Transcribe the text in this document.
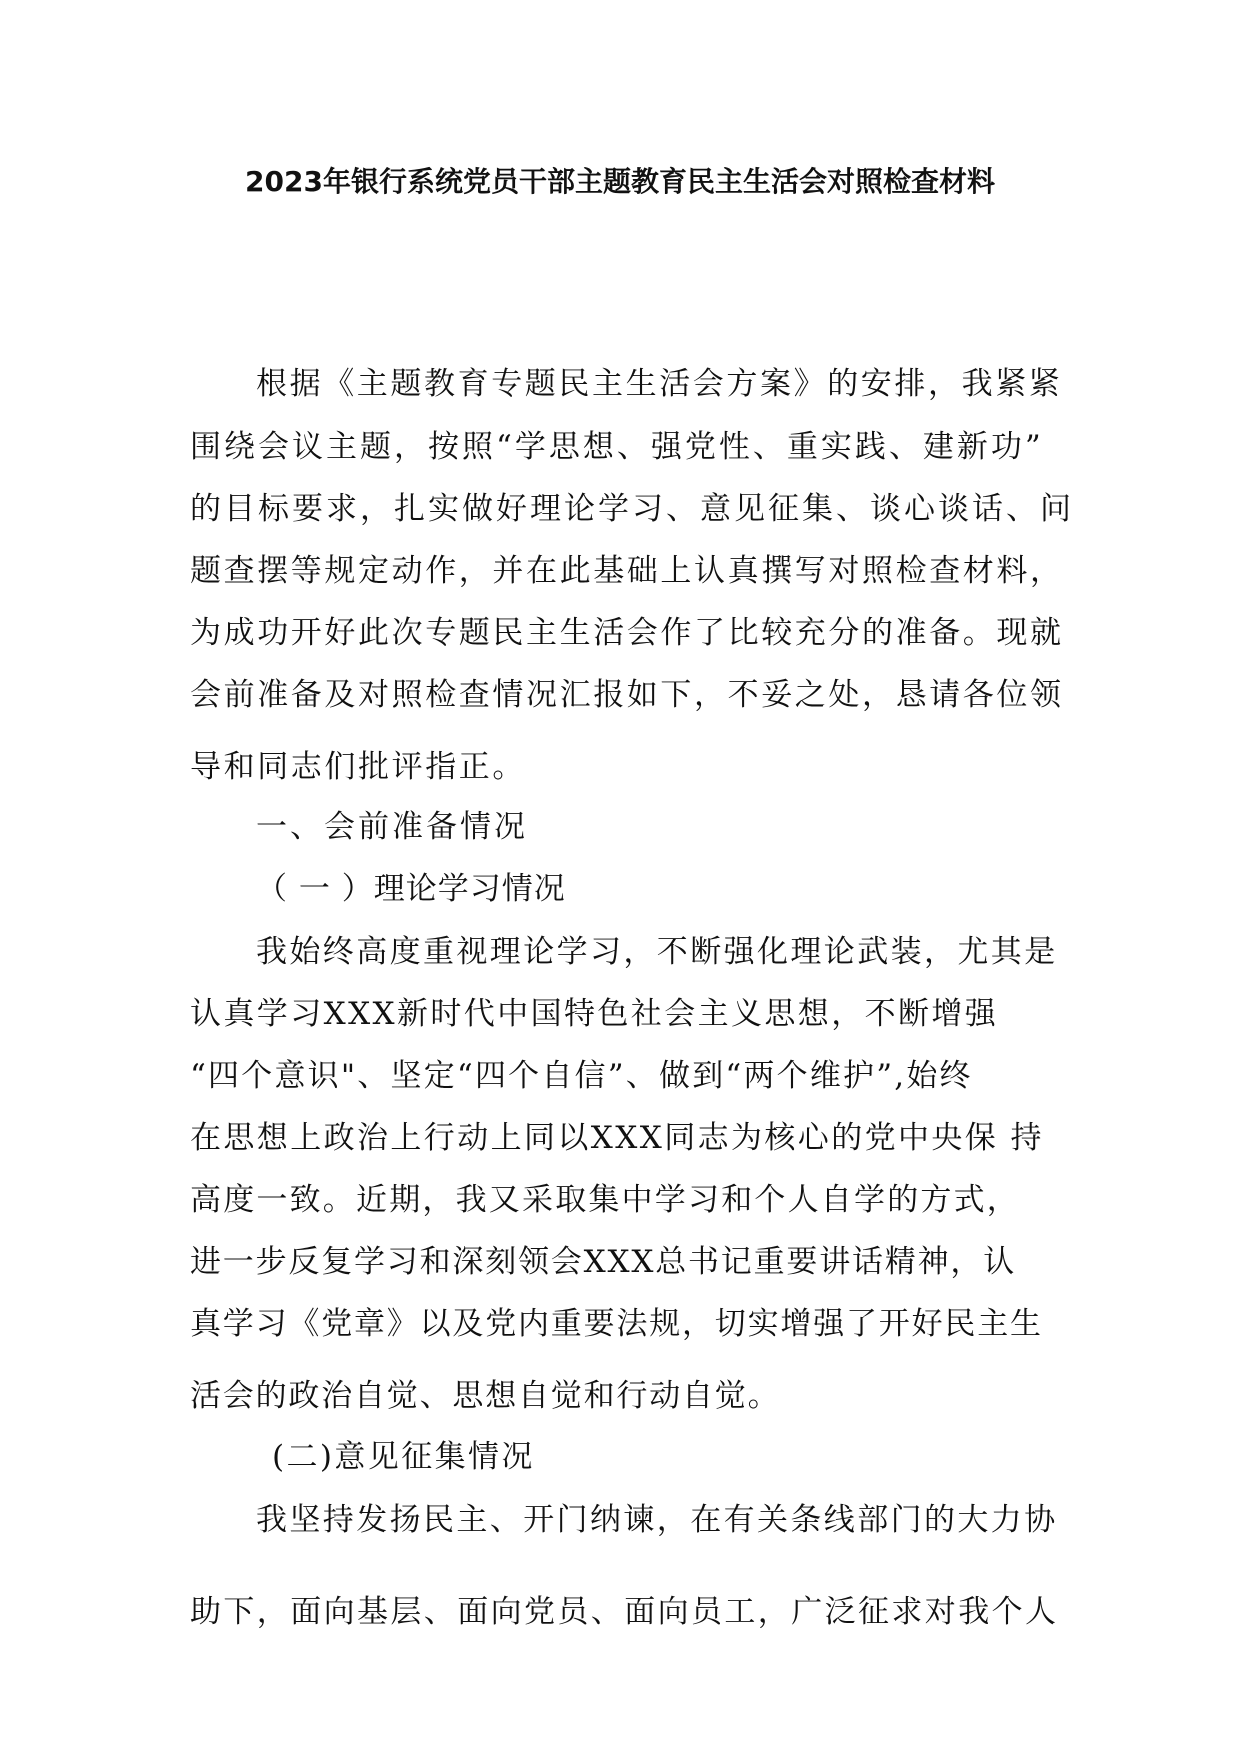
2023年银行系统党员干部主题教育民主生活会对照检查材料
根据《主题教育专题民主生活会方案》的安排，我紧紧
围绕会议主题，按照“学思想、强党性、重实践、建新功”
的目标要求，扎实做好理论学习、意见征集、谈心谈话、问
题查摆等规定动作，并在此基础上认真撰写对照检查材料，
为成功开好此次专题民主生活会作了比较充分的准备。现就
会前准备及对照检查情况汇报如下，不妥之处，恳请各位领
导和同志们批评指正。
一、会前准备情况
（ 一 ）理论学习情况
我始终高度重视理论学习，不断强化理论武装，尤其是
认真学习XXX新时代中国特色社会主义思想，不断增强
“四个意识"、坚定“四个自信”、做到“两个维护”,始终
在思想上政治上行动上同以XXX同志为核心的党中央保 持
高度一致。近期，我又采取集中学习和个人自学的方式，
进一步反复学习和深刻领会XXX总书记重要讲话精神，认
真学习《党章》以及党内重要法规，切实增强了开好民主生
活会的政治自觉、思想自觉和行动自觉。
(二)意见征集情况
我坚持发扬民主、开门纳谏，在有关条线部门的大力协
助下，面向基层、面向党员、面向员工，广泛征求对我个人
